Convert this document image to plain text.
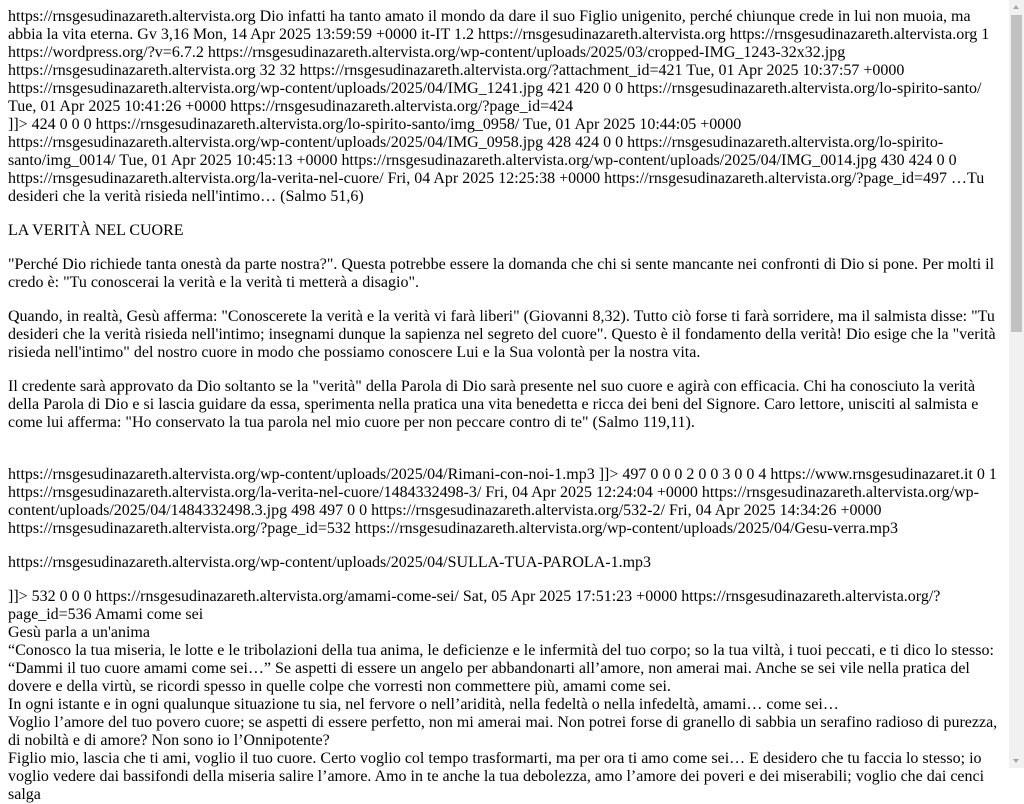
https://rnsgesudinazareth.altervista.org Dio infatti ha tanto amato il mondo da dare il suo Figlio unigenito, perché chiunque crede in lui non muoia, ma abbia la vita eterna. Gv 3,16 Mon, 14 Apr 2025 13:59:59 +0000 it-IT 1.2 https://rnsgesudinazareth.altervista.org https://rnsgesudinazareth.altervista.org 1 https://wordpress.org/?v=6.7.2 https://rnsgesudinazareth.altervista.org/wp-content/uploads/2025/03/cropped-IMG_1243-32x32.jpg https://rnsgesudinazareth.altervista.org 32 32 https://rnsgesudinazareth.altervista.org/?attachment_id=421 Tue, 01 Apr 2025 10:37:57 +0000 https://rnsgesudinazareth.altervista.org/wp-content/uploads/2025/04/IMG_1241.jpg 421 420 0 0 https://rnsgesudinazareth.altervista.org/lo-spirito-santo/ Tue, 01 Apr 2025 10:41:26 +0000 https://rnsgesudinazareth.altervista.org/?page_id=424

]]> 424 0 0 0 https://rnsgesudinazareth.altervista.org/lo-spirito-santo/img_0958/ Tue, 01 Apr 2025 10:44:05 +0000 https://rnsgesudinazareth.altervista.org/wp-content/uploads/2025/04/IMG_0958.jpg 428 424 0 0 https://rnsgesudinazareth.altervista.org/lo-spirito-santo/img_0014/ Tue, 01 Apr 2025 10:45:13 +0000 https://rnsgesudinazareth.altervista.org/wp-content/uploads/2025/04/IMG_0014.jpg 430 424 0 0 https://rnsgesudinazareth.altervista.org/la-verita-nel-cuore/ Fri, 04 Apr 2025 12:25:38 +0000 https://rnsgesudinazareth.altervista.org/?page_id=497 …Tu desideri che la verità risieda nell'intimo… (Salmo 51,6)

LA VERITÀ NEL CUORE

"Perché Dio richiede tanta onestà da parte nostra?". Questa potrebbe essere la domanda che chi si sente mancante nei confronti di Dio si pone. Per molti il credo è: "Tu conoscerai la verità e la verità ti metterà a disagio".

Quando, in realtà, Gesù afferma: "Conoscerete la verità e la verità vi farà liberi" (Giovanni 8,32). Tutto ciò forse ti farà sorridere, ma il salmista disse: "Tu desideri che la verità risieda nell'intimo; insegnami dunque la sapienza nel segreto del cuore". Questo è il fondamento della verità! Dio esige che la "verità risieda nell'intimo" del nostro cuore in modo che possiamo conoscere Lui e la Sua volontà per la nostra vita.

Il credente sarà approvato da Dio soltanto se la "verità" della Parola di Dio sarà presente nel suo cuore e agirà con efficacia. Chi ha conosciuto la verità della Parola di Dio e si lascia guidare da essa, sperimenta nella pratica una vita benedetta e ricca dei beni del Signore. Caro lettore, unisciti al salmista e come lui afferma: "Ho conservato la tua parola nel mio cuore per non peccare contro di te" (Salmo 119,11).

https://rnsgesudinazareth.altervista.org/wp-content/uploads/2025/04/Rimani-con-noi-1.mp3 ]]> 497 0 0 0 2 0 0 3 0 0 4 https://www.rnsgesudinazaret.it 0 1 https://rnsgesudinazareth.altervista.org/la-verita-nel-cuore/1484332498-3/ Fri, 04 Apr 2025 12:24:04 +0000 https://rnsgesudinazareth.altervista.org/wp-content/uploads/2025/04/1484332498.3.jpg 498 497 0 0 https://rnsgesudinazareth.altervista.org/532-2/ Fri, 04 Apr 2025 14:34:26 +0000 https://rnsgesudinazareth.altervista.org/?page_id=532 https://rnsgesudinazareth.altervista.org/wp-content/uploads/2025/04/Gesu-verra.mp3

https://rnsgesudinazareth.altervista.org/wp-content/uploads/2025/04/SULLA-TUA-PAROLA-1.mp3

]]> 532 0 0 0 https://rnsgesudinazareth.altervista.org/amami-come-sei/ Sat, 05 Apr 2025 17:51:23 +0000 https://rnsgesudinazareth.altervista.org/?page_id=536 Amami come sei

Gesù parla a un'anima

“Conosco la tua miseria, le lotte e le tribolazioni della tua anima, le deficienze e le infermità del tuo corpo; so la tua viltà, i tuoi peccati, e ti dico lo stesso: “Dammi il tuo cuore amami come sei…” Se aspetti di essere un angelo per abbandonarti all’amore, non amerai mai. Anche se sei vile nella pratica del dovere e della virtù, se ricordi spesso in quelle colpe che vorresti non commettere più, amami come sei.

In ogni istante e in ogni qualunque situazione tu sia, nel fervore o nell’aridità, nella fedeltà o nella infedeltà, amami… come sei…

Voglio l’amore del tuo povero cuore; se aspetti di essere perfetto, non mi amerai mai. Non potrei forse di granello di sabbia un serafino radioso di purezza, di nobiltà e di amore? Non sono io l’Onnipotente?

Figlio mio, lascia che ti ami, voglio il tuo cuore. Certo voglio col tempo trasformarti, ma per ora ti amo come sei… E desidero che tu faccia lo stesso; io voglio vedere dai bassifondi della miseria salire l’amore. Amo in te anche la tua debolezza, amo l’amore dei poveri e dei miserabili; voglio che dai cenci salga
